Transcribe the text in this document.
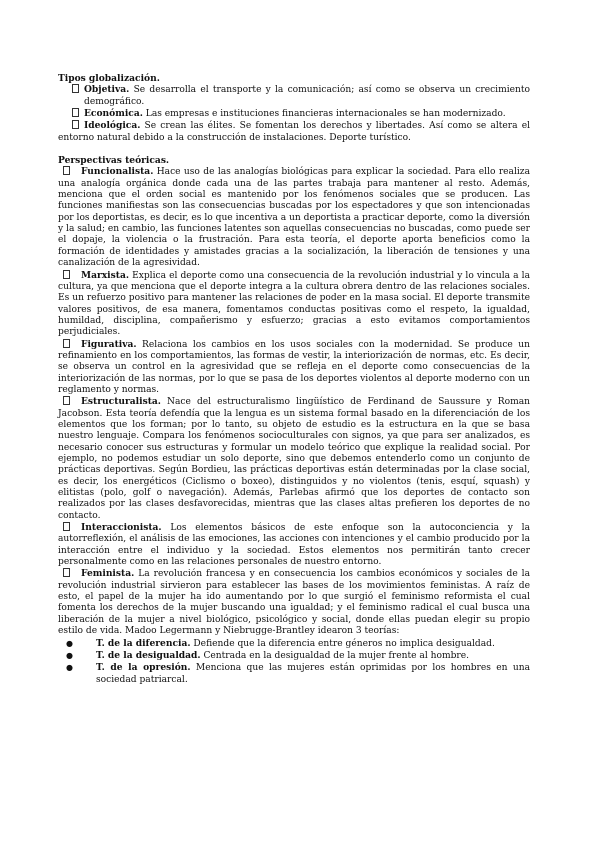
Tipos globalización.

Objetiva. Se desarrolla el transporte y la comunicación; así como se observa un crecimiento demográfico.
Económica. Las empresas e instituciones financieras internacionales se han modernizado.
Ideológica. Se crean las élites. Se fomentan los derechos y libertades. Así como se altera el entorno natural debido a la construcción de instalaciones. Deporte turístico.

Perspectivas teóricas.

Funcionalista. Hace uso de las analogías biológicas para explicar la sociedad. Para ello realiza una analogía orgánica donde cada una de las partes trabaja para mantener al resto. Además, menciona que el orden social es mantenido por los fenómenos sociales que se producen. Las funciones manifiestas son las consecuencias buscadas por los espectadores y que son intencionadas por los deportistas, es decir, es lo que incentiva a un deportista a practicar deporte, como la diversión y la salud; en cambio, las funciones latentes son aquellas consecuencias no buscadas, como puede ser el dopaje, la violencia o la frustración. Para esta teoría, el deporte aporta beneficios como la formación de identidades y amistades gracias a la socialización, la liberación de tensiones y una canalización de la agresividad.
Marxista. Explica el deporte como una consecuencia de la revolución industrial y lo vincula a la cultura, ya que menciona que el deporte integra a la cultura obrera dentro de las relaciones sociales. Es un refuerzo positivo para mantener las relaciones de poder en la masa social. El deporte transmite valores positivos, de esa manera, fomentamos conductas positivas como el respeto, la igualdad, humildad, disciplina, compañerismo y esfuerzo; gracias a esto evitamos comportamientos perjudiciales.
Figurativa. Relaciona los cambios en los usos sociales con la modernidad. Se produce un refinamiento en los comportamientos, las formas de vestir, la interiorización de normas, etc. Es decir, se observa un control en la agresividad que se refleja en el deporte como consecuencias de la interiorización de las normas, por lo que se pasa de los deportes violentos al deporte moderno con un reglamento y normas.
Estructuralista. Nace del estructuralismo lingüístico de Ferdinand de Saussure y Roman Jacobson. Esta teoría defendía que la lengua es un sistema formal basado en la diferenciación de los elementos que los forman; por lo tanto, su objeto de estudio es la estructura en la que se basa nuestro lenguaje. Compara los fenómenos socioculturales con signos, ya que para ser analizados, es necesario conocer sus estructuras y formular un modelo teórico que explique la realidad social. Por ejemplo, no podemos estudiar un solo deporte, sino que debemos entenderlo como un conjunto de prácticas deportivas. Según Bordieu, las prácticas deportivas están determinadas por la clase social, es decir, los energéticos (Ciclismo o boxeo), distinguidos y no violentos (tenis, esquí, squash) y elitistas (polo, golf o navegación). Además, Parlebas afirmó que los deportes de contacto son realizados por las clases desfavorecidas, mientras que las clases altas prefieren los deportes de no contacto.
Interaccionista. Los elementos básicos de este enfoque son la autoconciencia y la autorreflexión, el análisis de las emociones, las acciones con intenciones y el cambio producido por la interacción entre el individuo y la sociedad. Estos elementos nos permitirán tanto crecer personalmente como en las relaciones personales de nuestro entorno.
Feminista. La revolución francesa y en consecuencia los cambios económicos y sociales de la revolución industrial sirvieron para establecer las bases de los movimientos feministas. A raíz de esto, el papel de la mujer ha ido aumentando por lo que surgió el feminismo reformista el cual fomenta los derechos de la mujer buscando una igualdad; y el feminismo radical el cual busca una liberación de la mujer a nivel biológico, psicológico y social, donde ellas puedan elegir su propio estilo de vida. Madoo Legermann y Niebrugge-Brantley idearon 3 teorías:
●	T. de la diferencia. Defiende que la diferencia entre géneros no implica desigualdad.
●	T. de la desigualdad. Centrada en la desigualdad de la mujer frente al hombre.
●	T. de la opresión. Menciona que las mujeres están oprimidas por los hombres en una sociedad patriarcal.
